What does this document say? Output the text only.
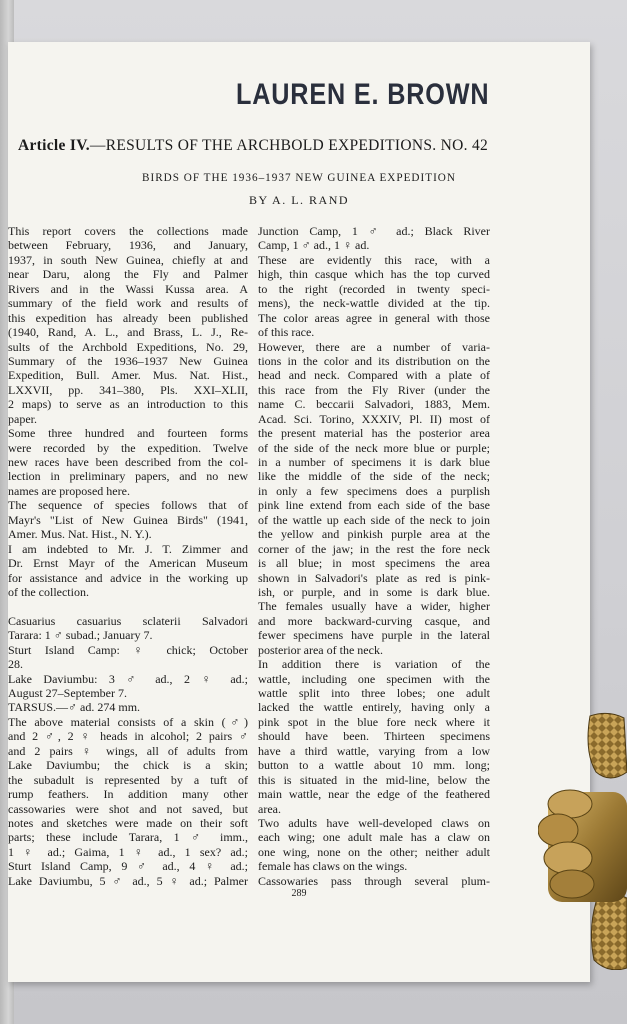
LAUREN E. BROWN
Article IV.—RESULTS OF THE ARCHBOLD EXPEDITIONS. NO. 42
BIRDS OF THE 1936–1937 NEW GUINEA EXPEDITION
BY A. L. RAND
This report covers the collections made
between February, 1936, and January,
1937, in south New Guinea, chiefly at and
near Daru, along the Fly and Palmer
Rivers and in the Wassi Kussa area. A
summary of the field work and results of
this expedition has already been published
(1940, Rand, A. L., and Brass, L. J., Re-
sults of the Archbold Expeditions, No. 29,
Summary of the 1936–1937 New Guinea
Expedition, Bull. Amer. Mus. Nat. Hist.,
LXXVII, pp. 341–380, Pls. XXI–XLII,
2 maps) to serve as an introduction to this
paper.
Some three hundred and fourteen forms
were recorded by the expedition. Twelve
new races have been described from the col-
lection in preliminary papers, and no new
names are proposed here.
The sequence of species follows that of
Mayr's "List of New Guinea Birds" (1941,
Amer. Mus. Nat. Hist., N. Y.).
I am indebted to Mr. J. T. Zimmer and
Dr. Ernst Mayr of the American Museum
for assistance and advice in the working up
of the collection.
Casuarius casuarius sclaterii Salvadori
Tarara: 1 ♂ subad.; January 7.
Sturt Island Camp: ♀ chick; October
28.
Lake Daviumbu: 3 ♂ ad., 2 ♀ ad.;
August 27–September 7.
TARSUS.—♂ ad. 274 mm.
The above material consists of a skin (♂)
and 2 ♂, 2 ♀ heads in alcohol; 2 pairs ♂
and 2 pairs ♀ wings, all of adults from
Lake Daviumbu; the chick is a skin;
the subadult is represented by a tuft of
rump feathers. In addition many other
cassowaries were shot and not saved, but
notes and sketches were made on their soft
parts; these include Tarara, 1 ♂ imm.,
1 ♀ ad.; Gaima, 1 ♀ ad., 1 sex? ad.;
Sturt Island Camp, 9 ♂ ad., 4 ♀ ad.;
Lake Daviumbu, 5 ♂ ad., 5 ♀ ad.; Palmer
Junction Camp, 1 ♂ ad.; Black River
Camp, 1 ♂ ad., 1 ♀ ad.
These are evidently this race, with a
high, thin casque which has the top curved
to the right (recorded in twenty speci-
mens), the neck-wattle divided at the tip.
The color areas agree in general with those
of this race.
However, there are a number of varia-
tions in the color and its distribution on the
head and neck. Compared with a plate of
this race from the Fly River (under the
name C. beccarii Salvadori, 1883, Mem.
Acad. Sci. Torino, XXXIV, Pl. II) most of
the present material has the posterior area
of the side of the neck more blue or purple;
in a number of specimens it is dark blue
like the middle of the side of the neck;
in only a few specimens does a purplish
pink line extend from each side of the base
of the wattle up each side of the neck to join
the yellow and pinkish purple area at the
corner of the jaw; in the rest the fore neck
is all blue; in most specimens the area
shown in Salvadori's plate as red is pink-
ish, or purple, and in some is dark blue.
The females usually have a wider, higher
and more backward-curving casque, and
fewer specimens have purple in the lateral
posterior area of the neck.
In addition there is variation of the
wattle, including one specimen with the
wattle split into three lobes; one adult
lacked the wattle entirely, having only a
pink spot in the blue fore neck where it
should have been. Thirteen specimens
have a third wattle, varying from a low
button to a wattle about 10 mm. long;
this is situated in the mid-line, below the
main wattle, near the edge of the feathered
area.
Two adults have well-developed claws on
each wing; one adult male has a claw on
one wing, none on the other; neither adult
female has claws on the wings.
Cassowaries pass through several plum-
289
